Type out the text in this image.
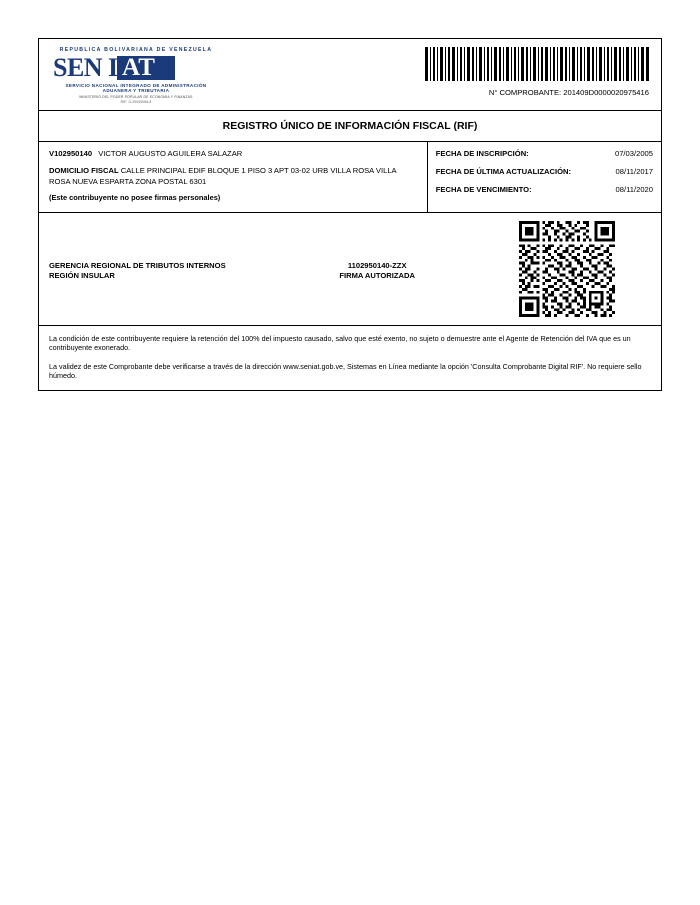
REPUBLICA BOLIVARIANA DE VENEZUELA
SEN I AT
SERVICIO NACIONAL INTEGRADO DE ADMINISTRACIÓN ADUANERA Y TRIBUTARIA
MINISTERIO DEL PODER POPULAR DE ECONOMÍA Y FINANZAS
RIF: G-20000065-8
N° COMPROBANTE: 201409D0000020975416
REGISTRO ÚNICO DE INFORMACIÓN FISCAL (RIF)
V102950140 VICTOR AUGUSTO AGUILERA SALAZAR
DOMICILIO FISCAL CALLE PRINCIPAL EDIF BLOQUE 1 PISO 3 APT 03-02 URB VILLA ROSA VILLA ROSA NUEVA ESPARTA ZONA POSTAL 6301
(Este contribuyente no posee firmas personales)
FECHA DE INSCRIPCIÓN:	07/03/2005
FECHA DE ÚLTIMA ACTUALIZACIÓN:	08/11/2017
FECHA DE VENCIMIENTO:	08/11/2020
GERENCIA REGIONAL DE TRIBUTOS INTERNOS
REGIÓN INSULAR
1102950140-ZZX
FIRMA AUTORIZADA

La condición de este contribuyente requiere la retención del 100% del impuesto causado, salvo que esté exento, no sujeto o demuestre ante el Agente de Retención del IVA que es un contribuyente exonerado.

La validez de este Comprobante debe verificarse a través de la dirección www.seniat.gob.ve, Sistemas en Línea mediante la opción 'Consulta Comprobante Digital RIF'. No requiere sello húmedo.
